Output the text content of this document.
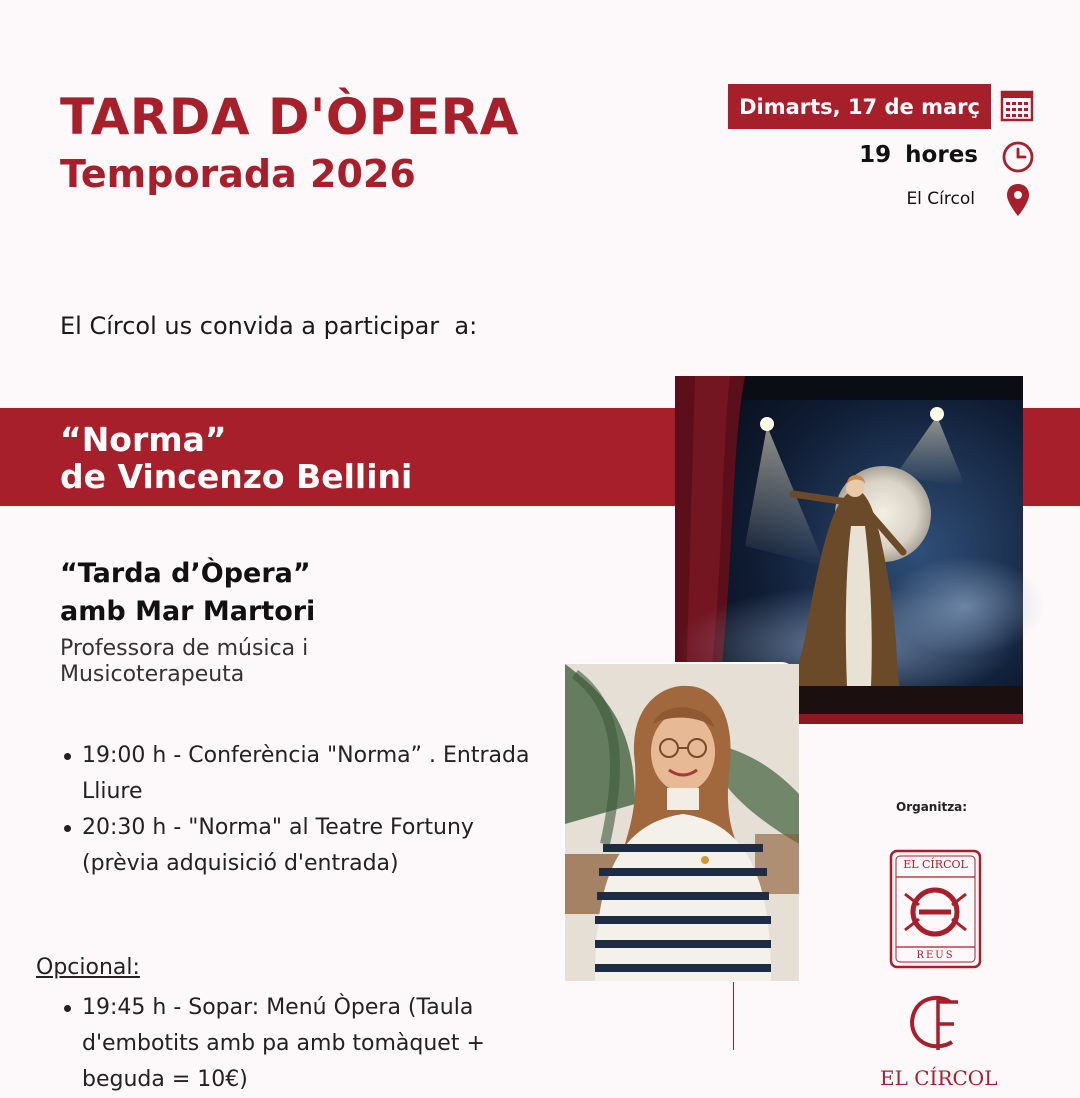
TARDA D'ÒPERA
Temporada 2026
Dimarts, 17 de març
19 hores
El Círcol
El Círcol us convida a participar  a:
“Norma”
de Vincenzo Bellini
“Tarda d’Òpera”
amb Mar Martori
Professora de música i
Musicoterapeuta
19:00 h - Conferència "Norma” . Entrada Lliure
20:30 h - "Norma" al Teatre Fortuny (prèvia adquisició d'entrada)
Opcional:
19:45 h - Sopar: Menú Òpera (Taula d'embotits amb pa amb tomàquet + beguda = 10€)
Organitza:
EL CÍRCOL
REUS
EL CÍRCOL
